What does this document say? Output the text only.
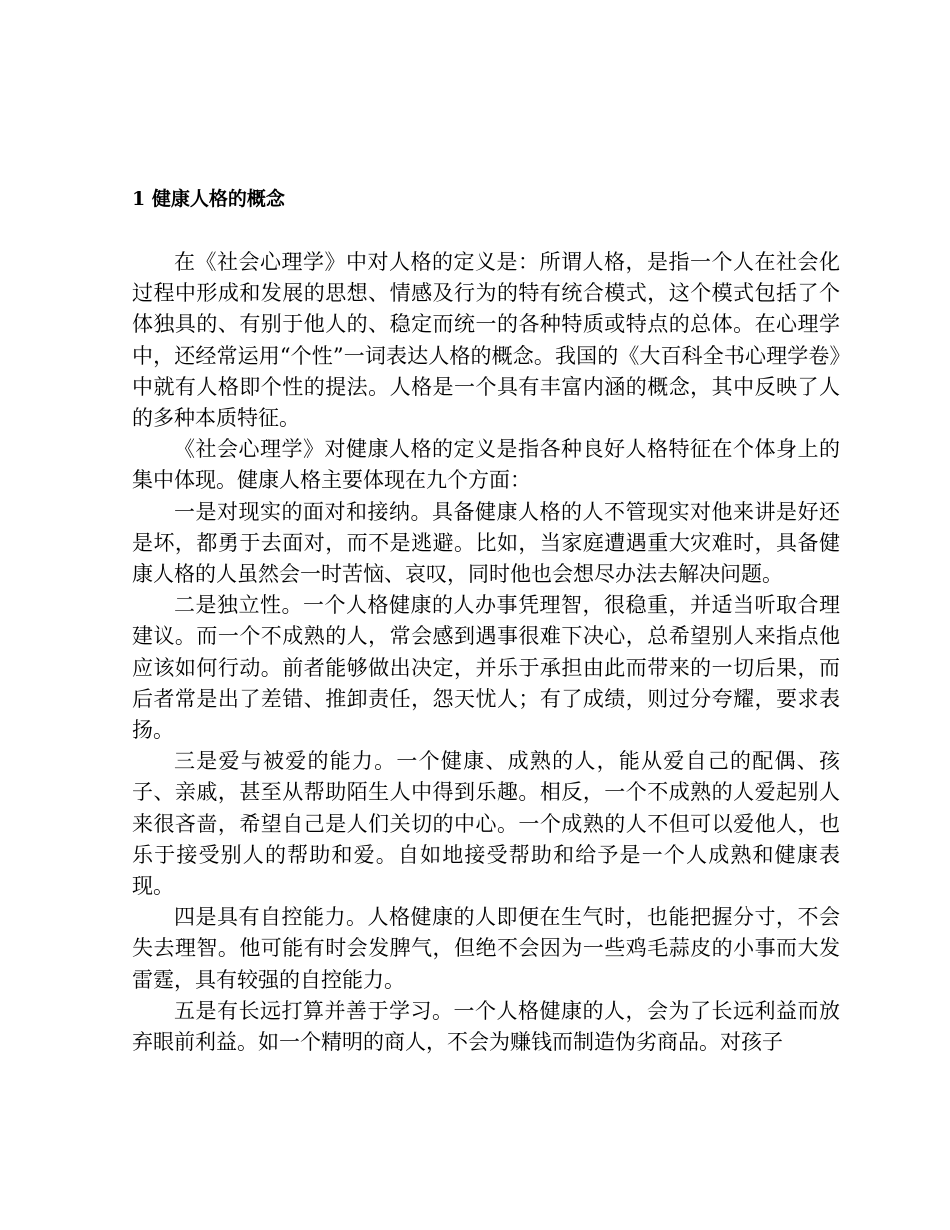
1 健康人格的概念

在《社会心理学》中对人格的定义是：所谓人格，是指一个人在社会化过程中形成和发展的思想、情感及行为的特有统合模式，这个模式包括了个体独具的、有别于他人的、稳定而统一的各种特质或特点的总体。在心理学中，还经常运用“个性”一词表达人格的概念。我国的《大百科全书心理学卷》中就有人格即个性的提法。人格是一个具有丰富内涵的概念，其中反映了人的多种本质特征。

《社会心理学》对健康人格的定义是指各种良好人格特征在个体身上的集中体现。健康人格主要体现在九个方面：

一是对现实的面对和接纳。具备健康人格的人不管现实对他来讲是好还是坏，都勇于去面对，而不是逃避。比如，当家庭遭遇重大灾难时，具备健康人格的人虽然会一时苦恼、哀叹，同时他也会想尽办法去解决问题。

二是独立性。一个人格健康的人办事凭理智，很稳重，并适当听取合理建议。而一个不成熟的人，常会感到遇事很难下决心，总希望别人来指点他应该如何行动。前者能够做出决定，并乐于承担由此而带来的一切后果，而后者常是出了差错、推卸责任，怨天忧人；有了成绩，则过分夸耀，要求表扬。

三是爱与被爱的能力。一个健康、成熟的人，能从爱自己的配偶、孩子、亲戚，甚至从帮助陌生人中得到乐趣。相反，一个不成熟的人爱起别人来很吝啬，希望自己是人们关切的中心。一个成熟的人不但可以爱他人，也乐于接受别人的帮助和爱。自如地接受帮助和给予是一个人成熟和健康表现。

四是具有自控能力。人格健康的人即便在生气时，也能把握分寸，不会失去理智。他可能有时会发脾气，但绝不会因为一些鸡毛蒜皮的小事而大发雷霆，具有较强的自控能力。

五是有长远打算并善于学习。一个人格健康的人，会为了长远利益而放弃眼前利益。如一个精明的商人，不会为赚钱而制造伪劣商品。对孩子
